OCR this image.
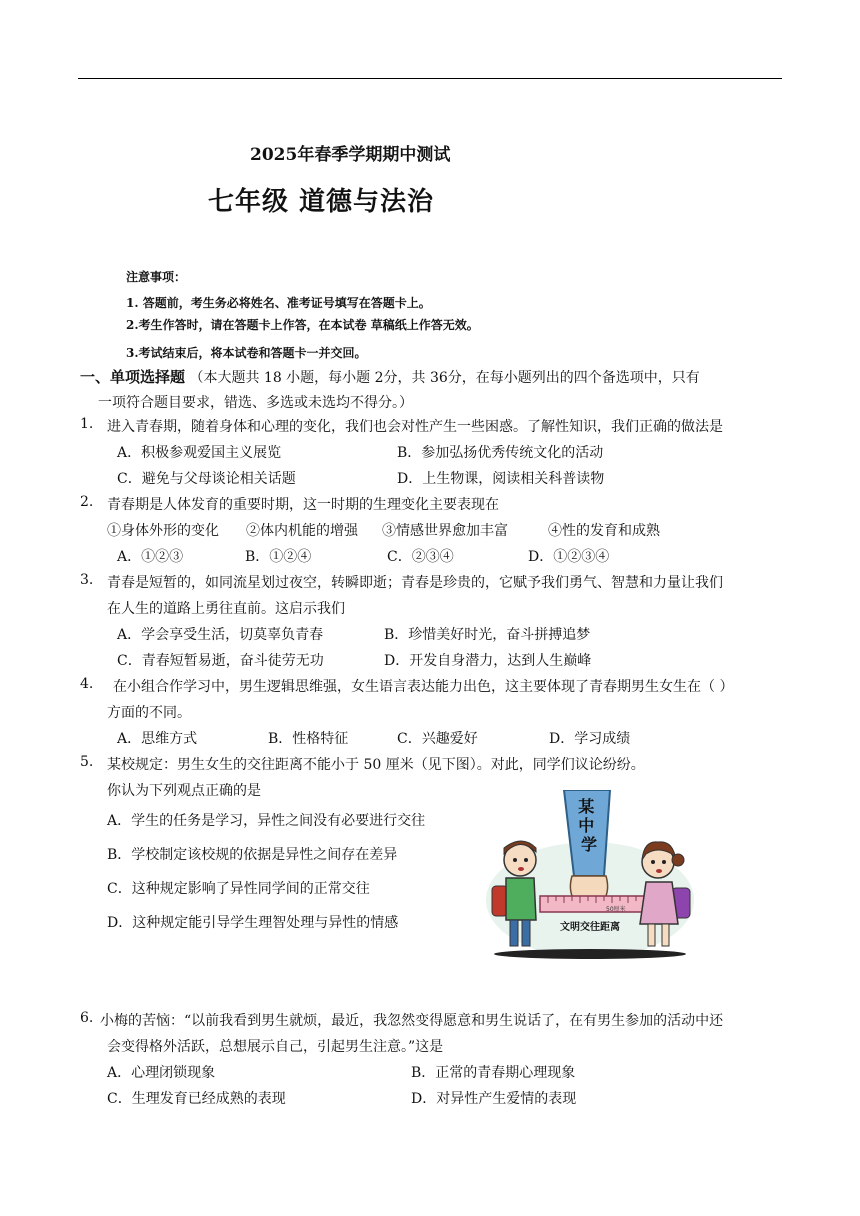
2025年春季学期期中测试
七年级 道德与法治
注意事项：
1. 答题前，考生务必将姓名、准考证号填写在答题卡上。
2.考生作答时，请在答题卡上作答，在本试卷 草稿纸上作答无效。
3.考试结束后，将本试卷和答题卡一并交回。
一、单项选择题 （本大题共 18 小题，每小题 2分，共 36分，在每小题列出的四个备选项中，只有
一项符合题目要求，错选、多选或未选均不得分。）
1. 进入青春期，随着身体和心理的变化，我们也会对性产生一些困惑。了解性知识，我们正确的做法是
A．积极参观爱国主义展览	B．参加弘扬优秀传统文化的活动
C．避免与父母谈论相关话题	D．上生物课，阅读相关科普读物
2. 青春期是人体发育的重要时期，这一时期的生理变化主要表现在
①身体外形的变化 ②体内机能的增强 ③情感世界愈加丰富	④性的发育和成熟
A．①②③	B．①②④	C．②③④	D．①②③④
3. 青春是短暂的，如同流星划过夜空，转瞬即逝；青春是珍贵的，它赋予我们勇气、智慧和力量让我们
在人生的道路上勇往直前。这启示我们
A．学会享受生活，切莫辜负青春	B．珍惜美好时光，奋斗拼搏追梦
C．青春短暂易逝，奋斗徒劳无功	D．开发自身潜力，达到人生巅峰
4. 在小组合作学习中，男生逻辑思维强，女生语言表达能力出色，这主要体现了青春期男生女生在（ ）
方面的不同。
A．思维方式	B．性格特征	C．兴趣爱好	D．学习成绩
5. 某校规定：男生女生的交往距离不能小于 50 厘米（见下图）。对此，同学们议论纷纷。
你认为下列观点正确的是
A．学生的任务是学习，异性之间没有必要进行交往
B．学校制定该校规的依据是异性之间存在差异
C．这种规定影响了异性同学间的正常交往
D．这种规定能引导学生理智处理与异性的情感
某 中 学
50厘米
文明交往距离
6. 小梅的苦恼：“以前我看到男生就烦，最近，我忽然变得愿意和男生说话了，在有男生参加的活动中还
会变得格外活跃，总想展示自己，引起男生注意。”这是
A．心理闭锁现象	B．正常的青春期心理现象
C．生理发育已经成熟的表现	D．对异性产生爱情的表现
